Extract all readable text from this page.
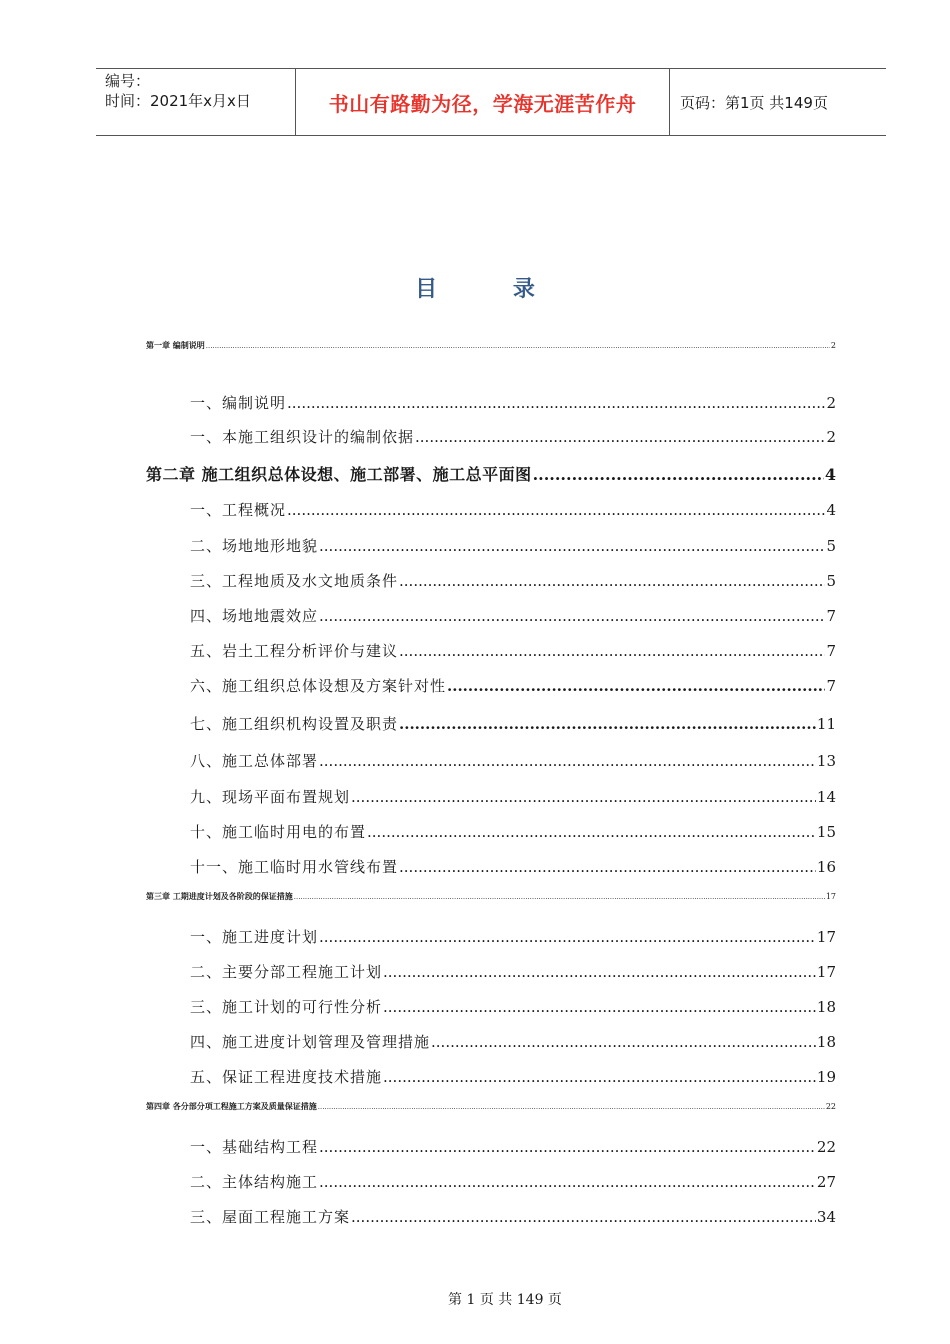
编号：
时间：2021年x月x日	书山有路勤为径，学海无涯苦作舟	页码：第1页 共149页
目 录
第一章 编制说明 .....	2
一、编制说明 .....	2
一、本施工组织设计的编制依据 .....	2
第二章 施工组织总体设想、施工部署、施工总平面图 .....	4
一、工程概况 .....	4
二、场地地形地貌 .....	5
三、工程地质及水文地质条件 .....	5
四、场地地震效应 .....	7
五、岩土工程分析评价与建议 .....	7
六、施工组织总体设想及方案针对性 .....	7
七、施工组织机构设置及职责 .....	11
八、施工总体部署 .....	13
九、现场平面布置规划 .....	14
十、施工临时用电的布置 .....	15
十一、施工临时用水管线布置 .....	16
第三章 工期进度计划及各阶段的保证措施 .....	17
一、施工进度计划 .....	17
二、主要分部工程施工计划 .....	17
三、施工计划的可行性分析 .....	18
四、施工进度计划管理及管理措施 .....	18
五、保证工程进度技术措施 .....	19
第四章 各分部分项工程施工方案及质量保证措施 .....	22
一、基础结构工程 .....	22
二、主体结构施工 .....	27
三、屋面工程施工方案 .....	34
第 1 页 共 149 页
